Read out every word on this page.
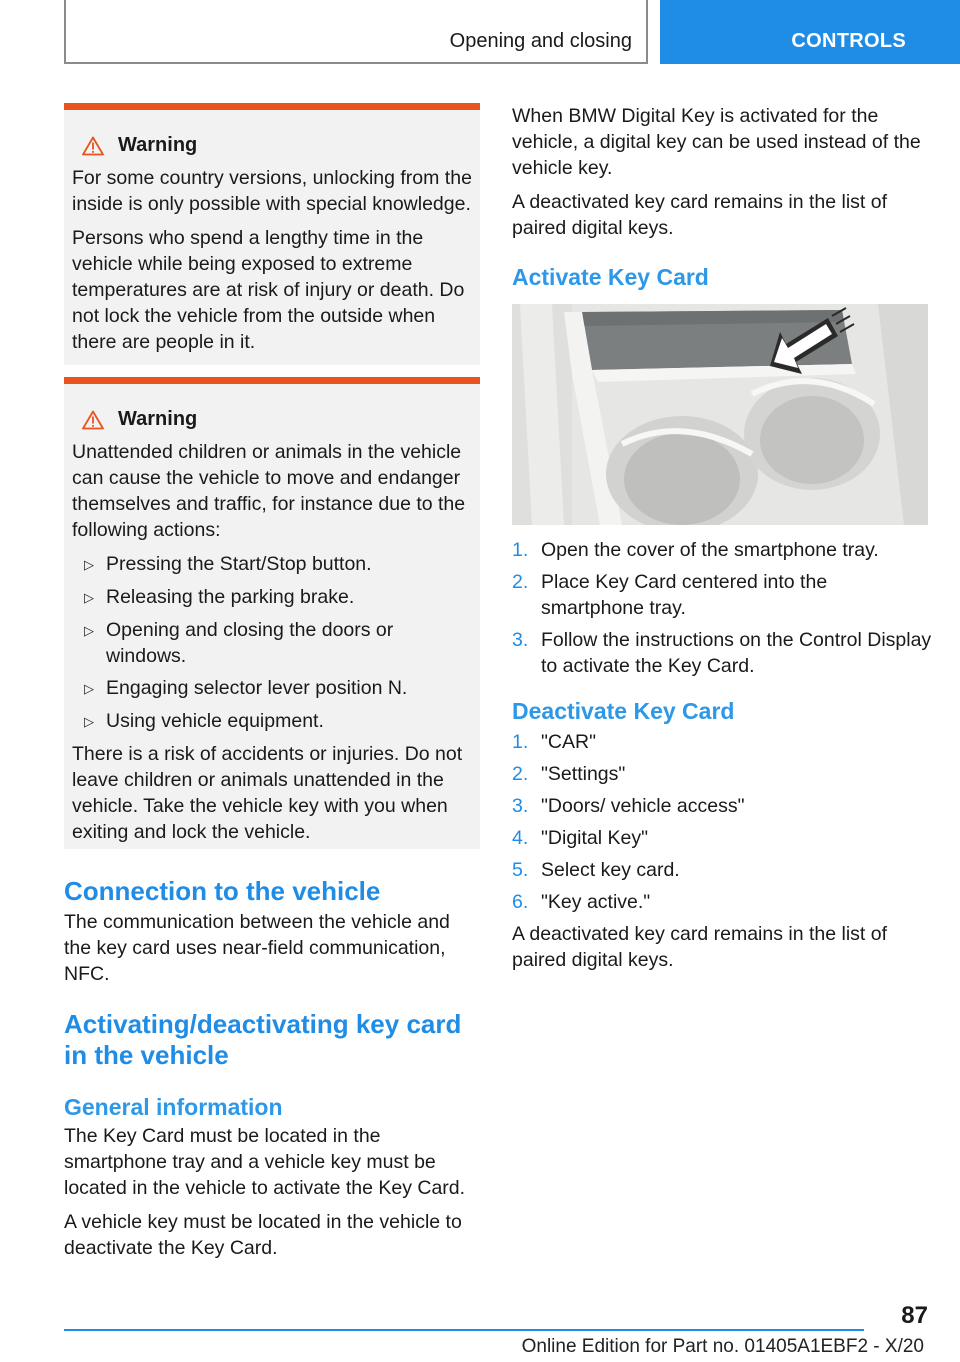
Opening and closing	CONTROLS
Warning

For some country versions, unlocking from the inside is only possible with special knowledge.

Persons who spend a lengthy time in the vehicle while being exposed to extreme temperatures are at risk of injury or death. Do not lock the vehicle from the outside when there are people in it.

Warning

Unattended children or animals in the vehicle can cause the vehicle to move and endanger themselves and traffic, for instance due to the following actions:

▷ Pressing the Start/Stop button.
▷ Releasing the parking brake.
▷ Opening and closing the doors or windows.
▷ Engaging selector lever position N.
▷ Using vehicle equipment.

There is a risk of accidents or injuries. Do not leave children or animals unattended in the vehicle. Take the vehicle key with you when exiting and lock the vehicle.

Connection to the vehicle

The communication between the vehicle and the key card uses near-field communication, NFC.

Activating/deactivating key card in the vehicle
General information

The Key Card must be located in the smartphone tray and a vehicle key must be located in the vehicle to activate the Key Card.

A vehicle key must be located in the vehicle to deactivate the Key Card.

When BMW Digital Key is activated for the vehicle, a digital key can be used instead of the vehicle key.

A deactivated key card remains in the list of paired digital keys.

Activate Key Card
1. Open the cover of the smartphone tray.
2. Place Key Card centered into the smartphone tray.
3. Follow the instructions on the Control Display to activate the Key Card.
Deactivate Key Card
1. "CAR"
2. "Settings"
3. "Doors/ vehicle access"
4. "Digital Key"
5. Select key card.
6. "Key active."

A deactivated key card remains in the list of paired digital keys.

87
Online Edition for Part no. 01405A1EBF2 - X/20
